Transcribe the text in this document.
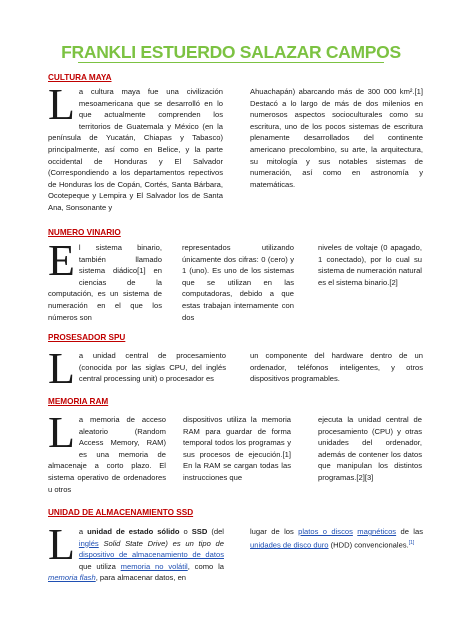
FRANKLI ESTUERDO SALAZAR CAMPOS
CULTURA MAYA
La cultura maya fue una civilización mesoamericana que se desarrolló en lo que actualmente comprenden los territorios de Guatemala y México (en la península de Yucatán, Chiapas y Tabasco) principalmente, así como en Belice, y la parte occidental de Honduras y El Salvador (Correspondiendo a los departamentos repectivos de Honduras los de Copán, Cortés, Santa Bárbara, Ocotepeque y Lempira y El Salvador los de Santa Ana, Sonsonante y
Ahuachapán) abarcando más de 300 000 km².[1] Destacó a lo largo de más de dos milenios en numerosos aspectos socioculturales como su escritura, uno de los pocos sistemas de escritura plenamente desarrollados del continente americano precolombino, su arte, la arquitectura, su mitología y sus notables sistemas de numeración, así como en astronomía y matemáticas.
NUMERO VINARIO
El sistema binario, también llamado sistema diádico[1] en ciencias de la computación, es un sistema de numeración en el que los números son
representados utilizando únicamente dos cifras: 0 (cero) y 1 (uno). Es uno de los sistemas que se utilizan en las computadoras, debido a que estas trabajan internamente con dos
niveles de voltaje (0 apagado, 1 conectado), por lo cual su sistema de numeración natural es el sistema binario.[2]
PROSESADOR SPU
La unidad central de procesamiento (conocida por las siglas CPU, del inglés central processing unit) o procesador es
un componente del hardware dentro de un ordenador, teléfonos inteligentes, y otros dispositivos programables.
MEMORIA RAM
La memoria de acceso aleatorio (Random Access Memory, RAM) es una memoria de almacenaje a corto plazo. El sistema operativo de ordenadores u otros
dispositivos utiliza la memoria RAM para guardar de forma temporal todos los programas y sus procesos de ejecución.[1] En la RAM se cargan todas las instrucciones que
ejecuta la unidad central de procesamiento (CPU) y otras unidades del ordenador, además de contener los datos que manipulan los distintos programas.[2][3]
UNIDAD DE ALMACENAMIENTO SSD
La unidad de estado sólido o SSD (del inglés Solid State Drive) es un tipo de dispositivo de almacenamiento de datos que utiliza memoria no volátil, como la memoria flash, para almacenar datos, en
lugar de los platos o discos magnéticos de las unidades de disco duro (HDD) convencionales.[1]
